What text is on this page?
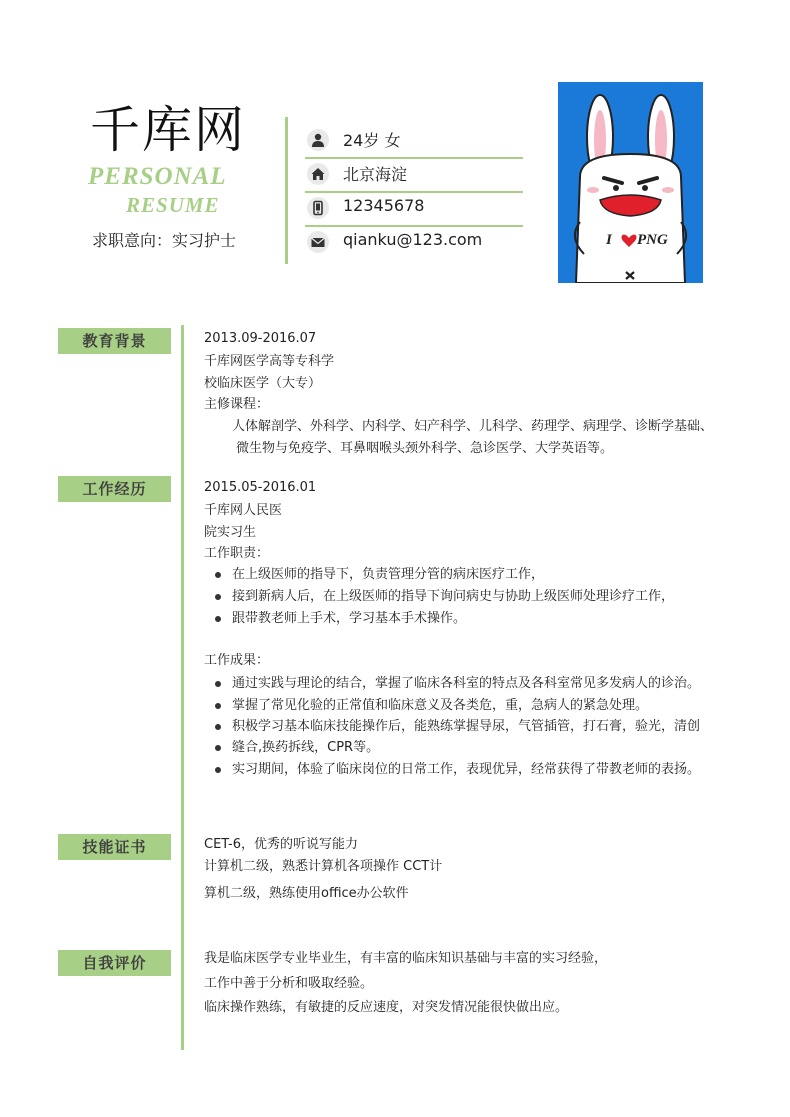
千库网
PERSONAL
RESUME
求职意向：实习护士
24岁 女
北京海淀
12345678
qianku@123.com	I PNG
教育背景	2013.09-2016.07
千库网医学高等专科学
校临床医学（大专）
主修课程：
人体解剖学、外科学、内科学、妇产科学、儿科学、药理学、病理学、诊断学基础、
微生物与免疫学、耳鼻咽喉头颈外科学、急诊医学、大学英语等。
工作经历	2015.05-2016.01
千库网人民医
院实习生
工作职责：
在上级医师的指导下，负责管理分管的病床医疗工作，
接到新病人后，在上级医师的指导下询问病史与协助上级医师处理诊疗工作，
跟带教老师上手术，学习基本手术操作。
工作成果：
通过实践与理论的结合，掌握了临床各科室的特点及各科室常见多发病人的诊治。
掌握了常见化验的正常值和临床意义及各类危，重，急病人的紧急处理。
积极学习基本临床技能操作后，能熟练掌握导尿，气管插管，打石膏，验光，清创
缝合,换药拆线，CPR等。
实习期间，体验了临床岗位的日常工作，表现优异，经常获得了带教老师的表扬。
技能证书	CET-6，优秀的听说写能力
计算机二级，熟悉计算机各项操作 CCT计
算机二级，熟练使用office办公软件
自我评价	我是临床医学专业毕业生，有丰富的临床知识基础与丰富的实习经验，
工作中善于分析和吸取经验。
临床操作熟练，有敏捷的反应速度，对突发情况能很快做出应。
